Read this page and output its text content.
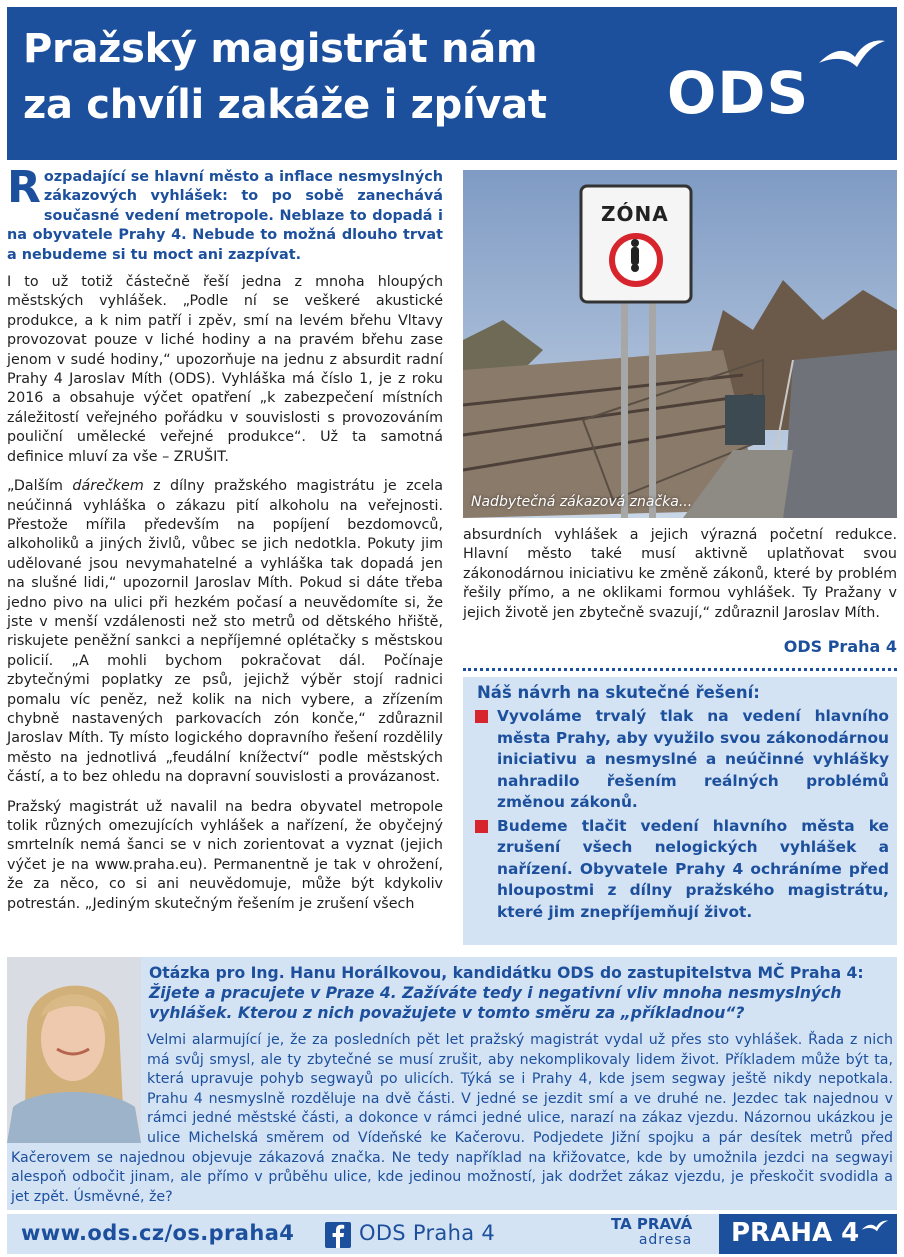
Pražský magistrát nám
za chvíli zakáže i zpívat	ODS
Rozpadající se hlavní město a inflace nesmyslných zákazových vyhlášek: to po sobě zanechává současné vedení metropole. Neblaze to dopadá i na obyvatele Prahy 4. Nebude to možná dlouho trvat a nebudeme si tu moct ani zazpívat.

I to už totiž částečně řeší jedna z mnoha hloupých městských vyhlášek. „Podle ní se veškeré akustické produkce, a k nim patří i zpěv, smí na levém břehu Vltavy provozovat pouze v liché hodiny a na pravém břehu zase jenom v sudé hodiny,“ upozorňuje na jednu z absurdit radní Prahy 4 Jaroslav Míth (ODS). Vyhláška má číslo 1, je z roku 2016 a obsahuje výčet opatření „k zabezpečení místních záležitostí veřejného pořádku v souvislosti s provozováním pouliční umělecké veřejné produkce“. Už ta samotná definice mluví za vše – ZRUŠIT.

„Dalším dárečkem z dílny pražského magistrátu je zcela neúčinná vyhláška o zákazu pití alkoholu na veřejnosti. Přestože mířila především na popíjení bezdomovců, alkoholiků a jiných živlů, vůbec se jich nedotkla. Pokuty jim udělované jsou nevymahatelné a vyhláška tak dopadá jen na slušné lidi,“ upozornil Jaroslav Míth. Pokud si dáte třeba jedno pivo na ulici při hezkém počasí a neuvědomíte si, že jste v menší vzdálenosti než sto metrů od dětského hřiště, riskujete peněžní sankci a nepříjemné oplétačky s městskou policií. „A mohli bychom pokračovat dál. Počínaje zbytečnými poplatky ze psů, jejichž výběr stojí radnici pomalu víc peněz, než kolik na nich vybere, a zřízením chybně nastavených parkovacích zón konče,“ zdůraznil Jaroslav Míth. Ty místo logického dopravního řešení rozdělily město na jednotlivá „feudální knížectví“ podle městských částí, a to bez ohledu na dopravní souvislosti a provázanost.

Pražský magistrát už navalil na bedra obyvatel metropole tolik různých omezujících vyhlášek a nařízení, že obyčejný smrtelník nemá šanci se v nich zorientovat a vyznat (jejich výčet je na www.praha.eu). Permanentně je tak v ohrožení, že za něco, co si ani neuvědomuje, může být kdykoliv potrestán. „Jediným skutečným řešením je zrušení všech

ZÓNA
Nadbytečná zákazová značka...

absurdních vyhlášek a jejich výrazná početní redukce. Hlavní město také musí aktivně uplatňovat svou zákonodárnou iniciativu ke změně zákonů, které by problém řešily přímo, a ne oklikami formou vyhlášek. Ty Pražany v jejich životě jen zbytečně svazují,“ zdůraznil Jaroslav Míth.

ODS Praha 4
Náš návrh na skutečné řešení:
Vyvoláme trvalý tlak na vedení hlavního města Prahy, aby využilo svou zákonodárnou iniciativu a nesmyslné a neúčinné vyhlášky nahradilo řešením reálných problémů změnou zákonů.
Budeme tlačit vedení hlavního města ke zrušení všech nelogických vyhlášek a nařízení. Obyvatele Prahy 4 ochráníme před hloupostmi z dílny pražského magistrátu, které jim znepříjemňují život.
Otázka pro Ing. Hanu Horálkovou, kandidátku ODS do zastupitelstva MČ Praha 4:
Žijete a pracujete v Praze 4. Zažíváte tedy i negativní vliv mnoha nesmyslných vyhlášek. Kterou z nich považujete v tomto směru za „příkladnou“?
Velmi alarmující je, že za posledních pět let pražský magistrát vydal už přes sto vyhlášek. Řada z nich má svůj smysl, ale ty zbytečné se musí zrušit, aby nekomplikovaly lidem život. Příkladem může být ta, která upravuje pohyb segwayů po ulicích. Týká se i Prahy 4, kde jsem segway ještě nikdy nepotkala. Prahu 4 nesmyslně rozděluje na dvě části. V jedné se jezdit smí a ve druhé ne. Jezdec tak najednou v rámci jedné městské části, a dokonce v rámci jedné ulice, narazí na zákaz vjezdu. Názornou ukázkou je ulice Michelská směrem od Vídeňské ke Kačerovu. Podjedete Jižní spojku a pár desítek metrů před Kačerovem se najednou objevuje zákazová značka. Ne tedy například na křižovatce, kde by umožnila jezdci na segwayi alespoň odbočit jinam, ale přímo v průběhu ulice, kde jedinou možností, jak dodržet zákaz vjezdu, je přeskočit svodidla a jet zpět. Úsměvné, že?
www.ods.cz/os.praha4	ODS Praha 4	TA PRAVÁ
adresa	PRAHA 4
